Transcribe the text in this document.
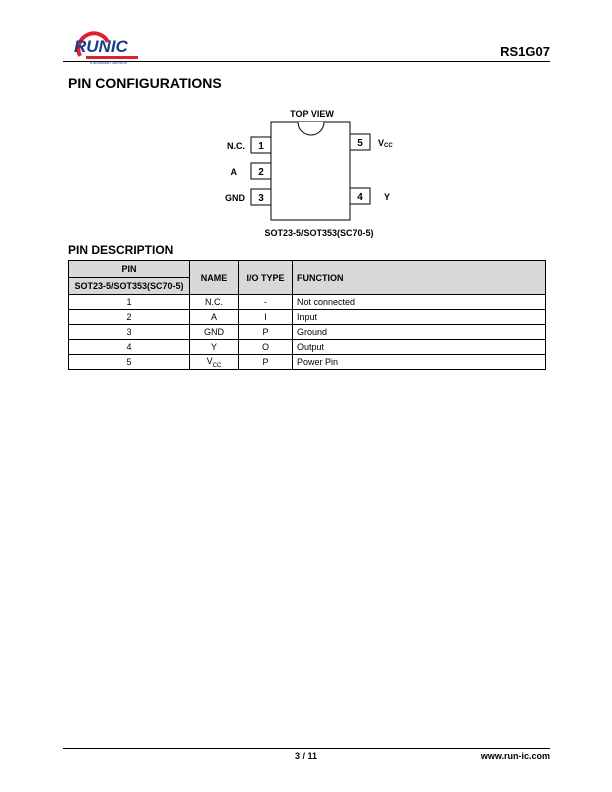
RUNIC
Innovation Service
RS1G07
PIN CONFIGURATIONS
TOP VIEW
1
N.C.
2
A
3
GND
5 VCC
4 Y
SOT23-5/SOT353(SC70-5)
PIN DESCRIPTION
PIN	NAME	I/O TYPE	FUNCTION
SOT23-5/SOT353(SC70-5)			
1	N.C.	-	Not connected
2	A	I	Input
3	GND	P	Ground
4	Y	O	Output
5	$V_{CC}$	P	Power Pin
3 / 11	www.run-ic.com
